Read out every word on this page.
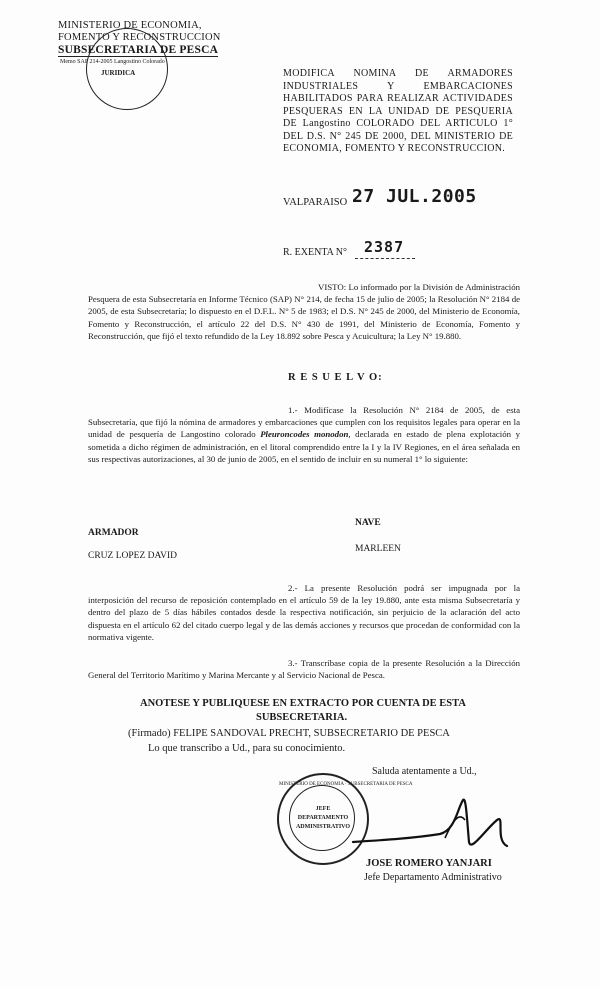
MINISTERIO DE ECONOMIA,
FOMENTO Y RECONSTRUCCION
SUBSECRETARIA DE PESCA
Memo SAP 214-2005 Langostino Colorado
JURIDICA	MODIFICA NOMINA DE ARMADORES INDUSTRIALES Y EMBARCACIONES HABILITADOS PARA REALIZAR ACTIVIDADES PESQUERAS EN LA UNIDAD DE PESQUERIA DE Langostino COLORADO DEL ARTICULO 1° DEL D.S. N° 245 DE 2000, DEL MINISTERIO DE ECONOMIA, FOMENTO Y RECONSTRUCCION.
VALPARAISO 27 JUL.2005
R. EXENTA N° 2387
VISTO: Lo informado por la División de Administración Pesquera de esta Subsecretaría en Informe Técnico (SAP) N° 214, de fecha 15 de julio de 2005; la Resolución N° 2184 de 2005, de esta Subsecretaría; lo dispuesto en el D.F.L. N° 5 de 1983; el D.S. N° 245 de 2000, del Ministerio de Economía, Fomento y Reconstrucción, el artículo 22 del D.S. N° 430 de 1991, del Ministerio de Economía, Fomento y Reconstrucción, que fijó el texto refundido de la Ley 18.892 sobre Pesca y Acuicultura; la Ley N° 19.880.
R E S U E L V O:
1.- Modifícase la Resolución N° 2184 de 2005, de esta Subsecretaría, que fijó la nómina de armadores y embarcaciones que cumplen con los requisitos legales para operar en la unidad de pesquería de Langostino colorado Pleuroncodes monodon, declarada en estado de plena explotación y sometida a dicho régimen de administración, en el litoral comprendido entre la I y la IV Regiones, en el área señalada en sus respectivas autorizaciones, al 30 de junio de 2005, en el sentido de incluir en su numeral 1° lo siguiente:
ARMADOR
NAVE
CRUZ LOPEZ DAVID
MARLEEN
2.- La presente Resolución podrá ser impugnada por la interposición del recurso de reposición contemplado en el artículo 59 de la ley 19.880, ante esta misma Subsecretaría y dentro del plazo de 5 días hábiles contados desde la respectiva notificación, sin perjuicio de la aclaración del acto dispuesta en el artículo 62 del citado cuerpo legal y de las demás acciones y recursos que procedan de conformidad con la normativa vigente.
3.- Transcríbase copia de la presente Resolución a la Dirección General del Territorio Marítimo y Marina Mercante y al Servicio Nacional de Pesca.
ANOTESE Y PUBLIQUESE EN EXTRACTO POR CUENTA DE ESTA
SUBSECRETARIA.
(Firmado) FELIPE SANDOVAL PRECHT, SUBSECRETARIO DE PESCA
Lo que transcribo a Ud., para su conocimiento.
Saluda atentamente a Ud.,
MINISTERIO DE ECONOMIA · SUBSECRETARIA DE PESCA
JEFE
DEPARTAMENTO
ADMINISTRATIVO
JOSE ROMERO YANJARI
Jefe Departamento Administrativo
